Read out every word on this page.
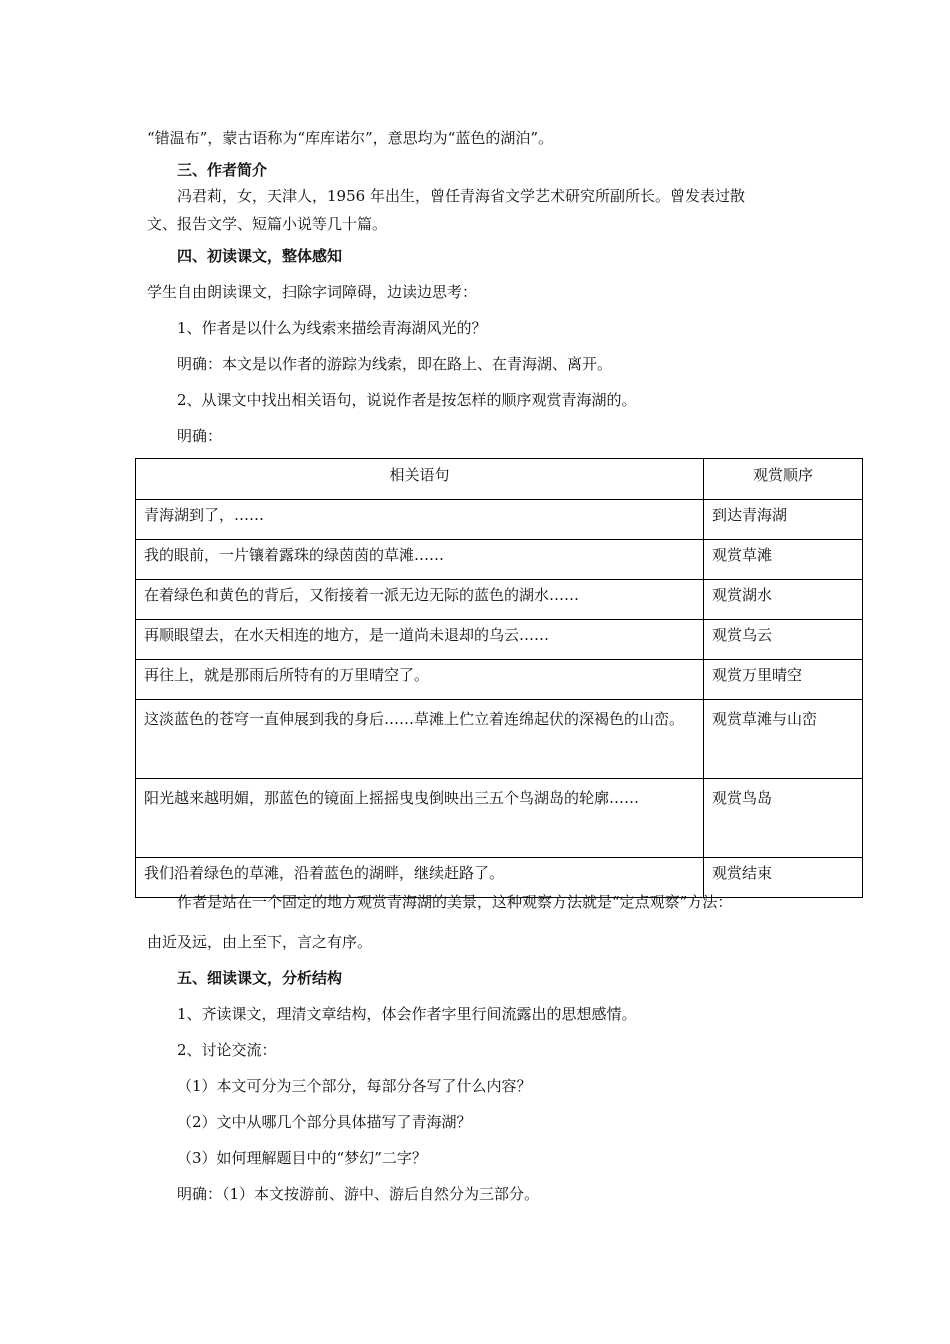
“错温布”，蒙古语称为“库库诺尔”，意思均为“蓝色的湖泊”。
三、作者简介
冯君莉，女，天津人，1956 年出生，曾任青海省文学艺术研究所副所长。曾发表过散
文、报告文学、短篇小说等几十篇。
四、初读课文，整体感知
学生自由朗读课文，扫除字词障碍，边读边思考：
1、作者是以什么为线索来描绘青海湖风光的？
明确：本文是以作者的游踪为线索，即在路上、在青海湖、离开。
2、从课文中找出相关语句，说说作者是按怎样的顺序观赏青海湖的。
明确：
相关语句	观赏顺序
青海湖到了，……	到达青海湖
我的眼前，一片镶着露珠的绿茵茵的草滩……	观赏草滩
在着绿色和黄色的背后，又衔接着一派无边无际的蓝色的湖水……	观赏湖水
再顺眼望去，在水天相连的地方，是一道尚未退却的乌云……	观赏乌云
再往上，就是那雨后所特有的万里晴空了。	观赏万里晴空
这淡蓝色的苍穹一直伸展到我的身后……草滩上伫立着连绵起伏的深褐色的山峦。	观赏草滩与山峦
阳光越来越明媚，那蓝色的镜面上摇摇曳曳倒映出三五个鸟湖岛的轮廓……	观赏鸟岛
我们沿着绿色的草滩，沿着蓝色的湖畔，继续赶路了。	观赏结束
作者是站在一个固定的地方观赏青海湖的美景，这种观察方法就是“定点观察”方法：
由近及远，由上至下，言之有序。
五、细读课文，分析结构
1、齐读课文，理清文章结构，体会作者字里行间流露出的思想感情。
2、讨论交流：
（1）本文可分为三个部分，每部分各写了什么内容？
（2）文中从哪几个部分具体描写了青海湖？
（3）如何理解题目中的“梦幻”二字？
明确：（1）本文按游前、游中、游后自然分为三部分。
